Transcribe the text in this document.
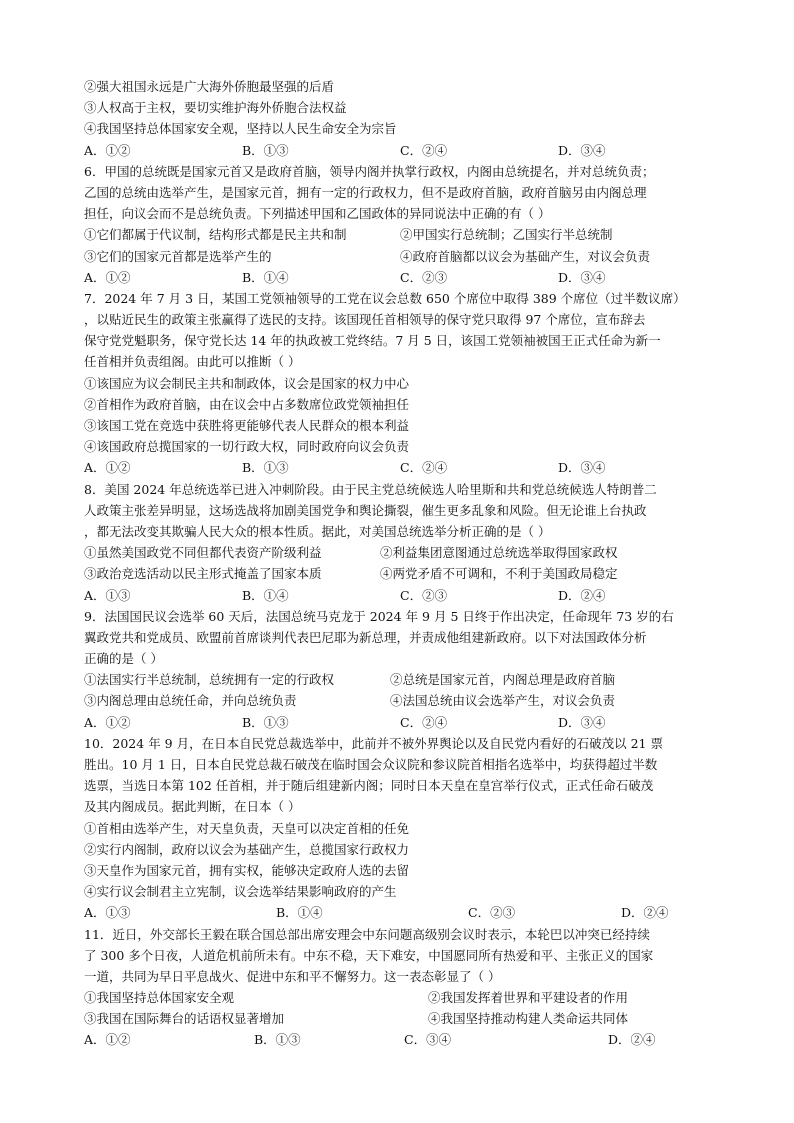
②强大祖国永远是广大海外侨胞最坚强的后盾
③人权高于主权，要切实维护海外侨胞合法权益
④我国坚持总体国家安全观，坚持以人民生命安全为宗旨
A．①②	B．①③	C．②④	D．③④
6．甲国的总统既是国家元首又是政府首脑，领导内阁并执掌行政权，内阁由总统提名，并对总统负责；
乙国的总统由选举产生，是国家元首，拥有一定的行政权力，但不是政府首脑，政府首脑另由内阁总理
担任，向议会而不是总统负责。下列描述甲国和乙国政体的异同说法中正确的有（ ）
①它们都属于代议制，结构形式都是民主共和制	②甲国实行总统制；乙国实行半总统制
③它们的国家元首都是选举产生的	④政府首脑都以议会为基础产生，对议会负责
A．①②	B．①④	C．②③	D．③④
7．2024 年 7 月 3 日，某国工党领袖领导的工党在议会总数 650 个席位中取得 389 个席位（过半数议席）
，以贴近民生的政策主张赢得了选民的支持。该国现任首相领导的保守党只取得 97 个席位，宣布辞去
保守党党魁职务，保守党长达 14 年的执政被工党终结。7 月 5 日，该国工党领袖被国王正式任命为新一
任首相并负责组阁。由此可以推断（ ）
①该国应为议会制民主共和制政体，议会是国家的权力中心
②首相作为政府首脑，由在议会中占多数席位政党领袖担任
③该国工党在竞选中获胜将更能够代表人民群众的根本利益
④该国政府总揽国家的一切行政大权，同时政府向议会负责
A．①②	B．①③	C．②④	D．③④
8．美国 2024 年总统选举已进入冲刺阶段。由于民主党总统候选人哈里斯和共和党总统候选人特朗普二
人政策主张差异明显，这场选战将加剧美国党争和舆论撕裂，催生更多乱象和风险。但无论谁上台执政
，都无法改变其欺骗人民大众的根本性质。据此，对美国总统选举分析正确的是（ ）
①虽然美国政党不同但都代表资产阶级利益	②利益集团意图通过总统选举取得国家政权
③政治竞选活动以民主形式掩盖了国家本质	④两党矛盾不可调和，不利于美国政局稳定
A．①③	B．①④	C．②③	D．②④
9．法国国民议会选举 60 天后，法国总统马克龙于 2024 年 9 月 5 日终于作出决定，任命现年 73 岁的右
翼政党共和党成员、欧盟前首席谈判代表巴尼耶为新总理，并责成他组建新政府。以下对法国政体分析
正确的是（ ）
①法国实行半总统制，总统拥有一定的行政权	②总统是国家元首，内阁总理是政府首脑
③内阁总理由总统任命，并向总统负责	④法国总统由议会选举产生，对议会负责
A．①②	B．①③	C．②④	D．③④
10．2024 年 9 月，在日本自民党总裁选举中，此前并不被外界舆论以及自民党内看好的石破茂以 21 票
胜出。10 月 1 日，日本自民党总裁石破茂在临时国会众议院和参议院首相指名选举中，均获得超过半数
选票，当选日本第 102 任首相，并于随后组建新内阁；同时日本天皇在皇宫举行仪式，正式任命石破茂
及其内阁成员。据此判断，在日本（ ）
①首相由选举产生，对天皇负责，天皇可以决定首相的任免
②实行内阁制，政府以议会为基础产生，总揽国家行政权力
③天皇作为国家元首，拥有实权，能够决定政府人选的去留
④实行议会制君主立宪制，议会选举结果影响政府的产生
A．①③	B．①④	C．②③	D．②④
11．近日，外交部长王毅在联合国总部出席安理会中东问题高级别会议时表示，本轮巴以冲突已经持续
了 300 多个日夜，人道危机前所未有。中东不稳，天下难安，中国愿同所有热爱和平、主张正义的国家
一道，共同为早日平息战火、促进中东和平不懈努力。这一表态彰显了（ ）
①我国坚持总体国家安全观	②我国发挥着世界和平建设者的作用
③我国在国际舞台的话语权显著增加	④我国坚持推动构建人类命运共同体
A．①②	B．①③	C．③④	D．②④
